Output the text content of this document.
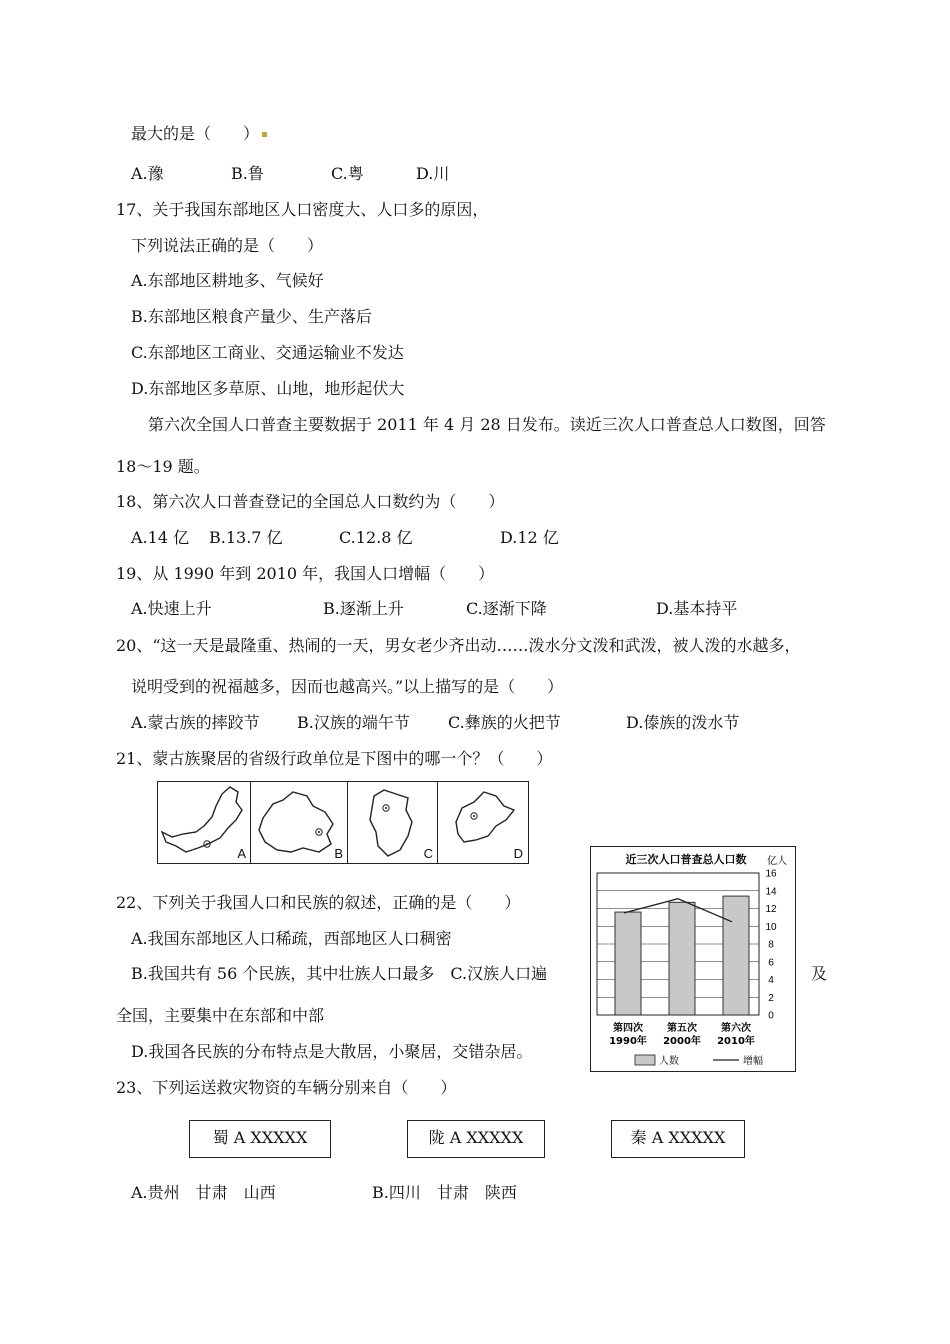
最大的是（　　）
A.豫	B.鲁	C.粤	D.川
17、关于我国东部地区人口密度大、人口多的原因，
下列说法正确的是（　　）
A.东部地区耕地多、气候好
B.东部地区粮食产量少、生产落后
C.东部地区工商业、交通运输业不发达
D.东部地区多草原、山地，地形起伏大
第六次全国人口普查主要数据于 2011 年 4 月 28 日发布。读近三次人口普查总人口数图，回答
18～19 题。
18、第六次人口普查登记的全国总人口数约为（　　）
A.14 亿 B.13.7 亿	C.12.8 亿	D.12 亿
19、从 1990 年到 2010 年，我国人口增幅（　　）
A.快速上升	B.逐渐上升	C.逐渐下降	D.基本持平
20、“这一天是最隆重、热闹的一天，男女老少齐出动……泼水分文泼和武泼，被人泼的水越多，
说明受到的祝福越多，因而也越高兴。”以上描写的是（　　）
A.蒙古族的摔跤节 B.汉族的端午节 C.彝族的火把节	D.傣族的泼水节
21、蒙古族聚居的省级行政单位是下图中的哪一个？（　　）
A	B	C	D	近三次人口普查总人口数 亿人
0
2
4
6
8
10
12
14
16
第四次
1990年
第五次
2000年
第六次
2010年
人数	增幅
22、下列关于我国人口和民族的叙述，正确的是（　　）
A.我国东部地区人口稀疏，西部地区人口稠密
B.我国共有 56 个民族，其中壮族人口最多　C.汉族人口遍	及
全国，主要集中在东部和中部
D.我国各民族的分布特点是大散居，小聚居，交错杂居。
23、下列运送救灾物资的车辆分别来自（　　）
蜀 A XXXXX	陇 A XXXXX	秦 A XXXXX
A.贵州　甘肃　山西	B.四川　甘肃　陕西
